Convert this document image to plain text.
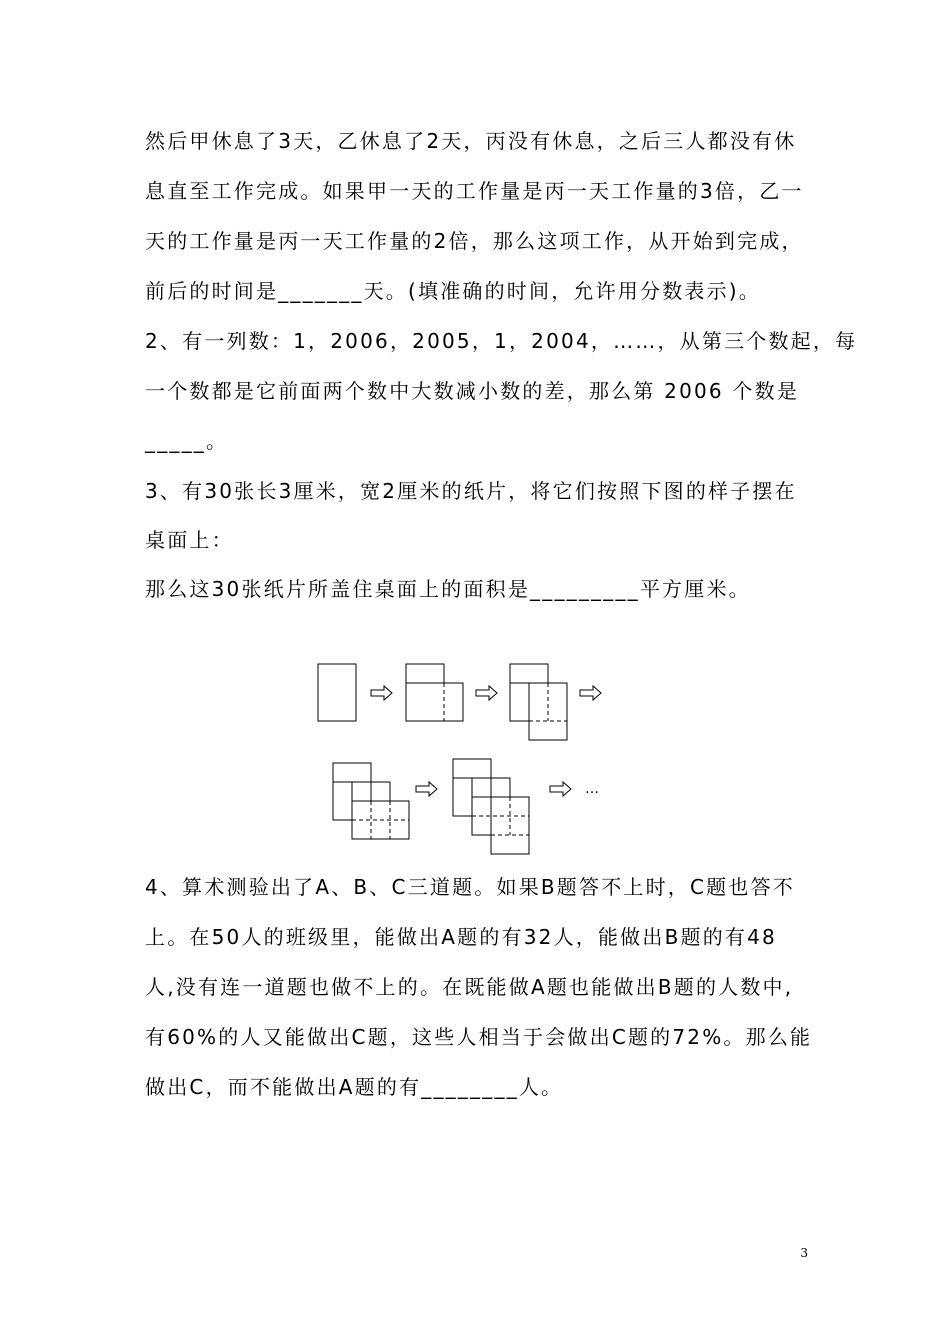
然后甲休息了3天，乙休息了2天，丙没有休息，之后三人都没有休
息直至工作完成。如果甲一天的工作量是丙一天工作量的3倍，乙一
天的工作量是丙一天工作量的2倍，那么这项工作，从开始到完成，
前后的时间是_______天。(填准确的时间，允许用分数表示)。
2、有一列数：1，2006，2005，1，2004，……，从第三个数起，每
一个数都是它前面两个数中大数减小数的差，那么第 2006 个数是
_____。
3、有30张长3厘米，宽2厘米的纸片，将它们按照下图的样子摆在
桌面上：
那么这30张纸片所盖住桌面上的面积是_________平方厘米。
4、算术测验出了A、B、C三道题。如果B题答不上时，C题也答不
上。在50人的班级里，能做出A题的有32人，能做出B题的有48
人,没有连一道题也做不上的。在既能做A题也能做出B题的人数中,
有60%的人又能做出C题，这些人相当于会做出C题的72%。那么能
做出C，而不能做出A题的有________人。
…
3
